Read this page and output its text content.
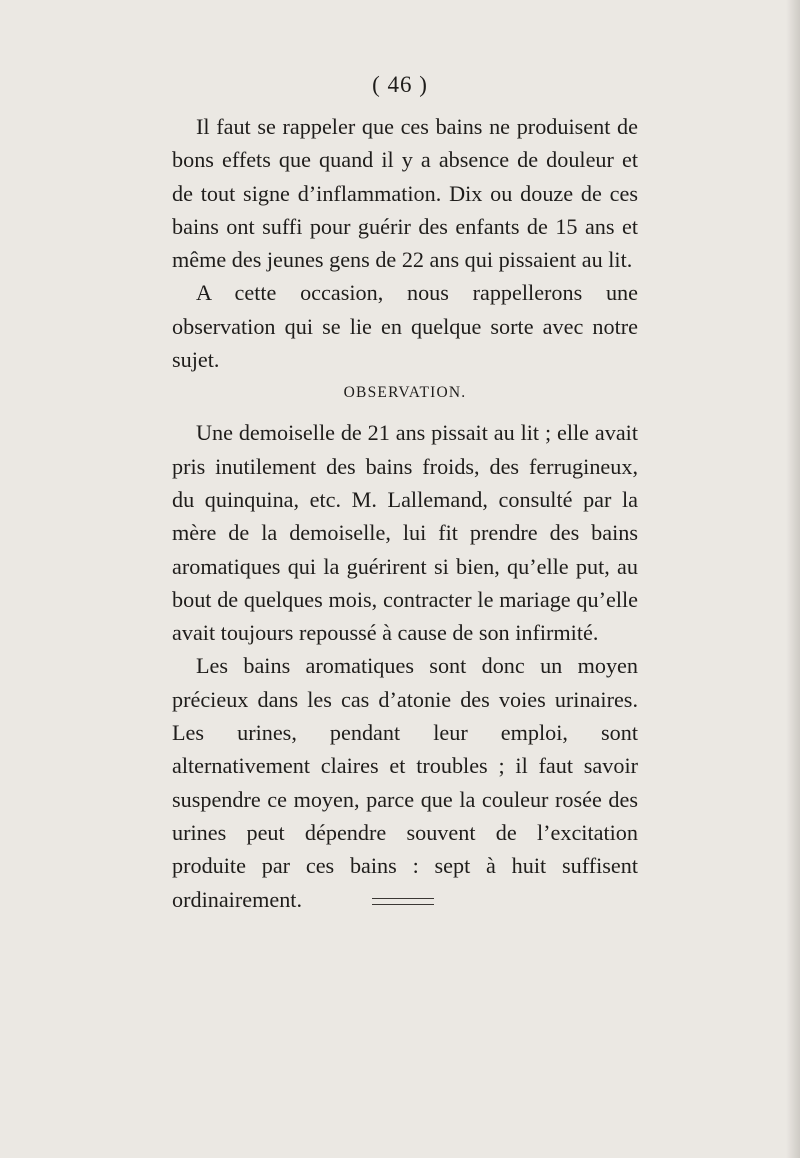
( 46 )

Il faut se rappeler que ces bains ne produisent de bons effets que quand il y a absence de douleur et de tout signe d’inflammation. Dix ou douze de ces bains ont suffi pour guérir des enfants de 15 ans et même des jeunes gens de 22 ans qui pissaient au lit.

A cette occasion, nous rappellerons une observation qui se lie en quelque sorte avec notre sujet.

OBSERVATION.

Une demoiselle de 21 ans pissait au lit ; elle avait pris inutilement des bains froids, des ferrugineux, du quinquina, etc. M. Lallemand, consulté par la mère de la demoiselle, lui fit prendre des bains aromatiques qui la guérirent si bien, qu’elle put, au bout de quelques mois, contracter le mariage qu’elle avait toujours repoussé à cause de son infirmité.

Les bains aromatiques sont donc un moyen précieux dans les cas d’atonie des voies urinaires. Les urines, pendant leur emploi, sont alternativement claires et troubles ; il faut savoir suspendre ce moyen, parce que la couleur rosée des urines peut dépendre souvent de l’excitation produite par ces bains : sept à huit suffisent ordinairement.
